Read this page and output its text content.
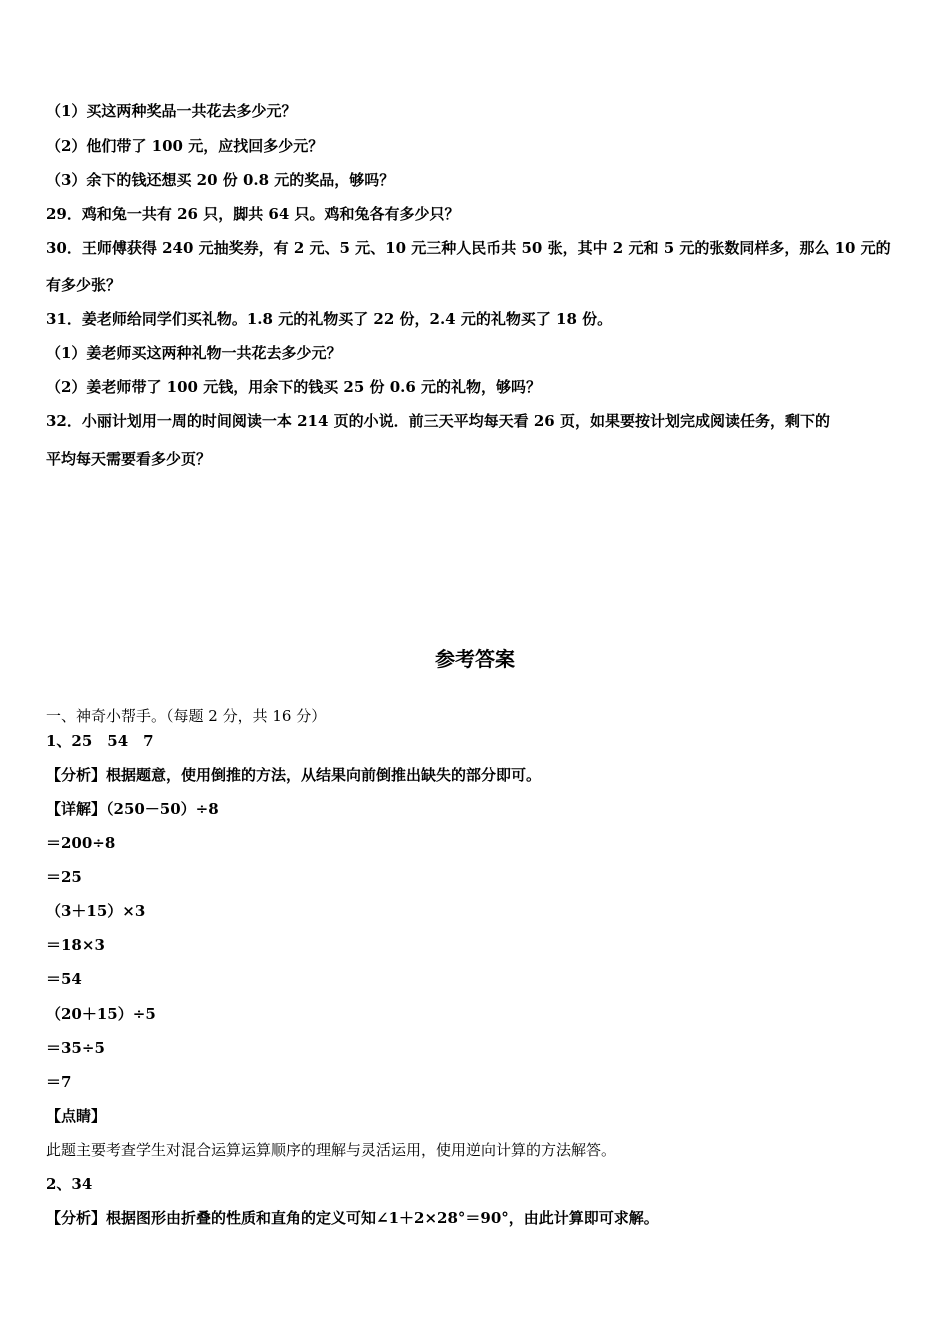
（1）买这两种奖品一共花去多少元？
（2）他们带了 100 元，应找回多少元？
（3）余下的钱还想买 20 份 0.8 元的奖品，够吗？
29．鸡和兔一共有 26 只，脚共 64 只。鸡和兔各有多少只？
30．王师傅获得 240 元抽奖券，有 2 元、5 元、10 元三种人民币共 50 张，其中 2 元和 5 元的张数同样多，那么 10 元的
有多少张？
31．姜老师给同学们买礼物。1.8 元的礼物买了 22 份，2.4 元的礼物买了 18 份。
（1）姜老师买这两种礼物一共花去多少元？
（2）姜老师带了 100 元钱，用余下的钱买 25 份 0.6 元的礼物，够吗？
32．小丽计划用一周的时间阅读一本 214 页的小说．前三天平均每天看 26 页，如果要按计划完成阅读任务，剩下的
平均每天需要看多少页？
参考答案
一、神奇小帮手。（每题 2 分，共 16 分）
1、25　54　7
【分析】根据题意，使用倒推的方法，从结果向前倒推出缺失的部分即可。
【详解】（250－50）÷8
＝200÷8
＝25
（3＋15）×3
＝18×3
＝54
（20＋15）÷5
＝35÷5
＝7
【点睛】
此题主要考查学生对混合运算运算顺序的理解与灵活运用，使用逆向计算的方法解答。
2、34
【分析】根据图形由折叠的性质和直角的定义可知∠1＋2×28°＝90°，由此计算即可求解。
